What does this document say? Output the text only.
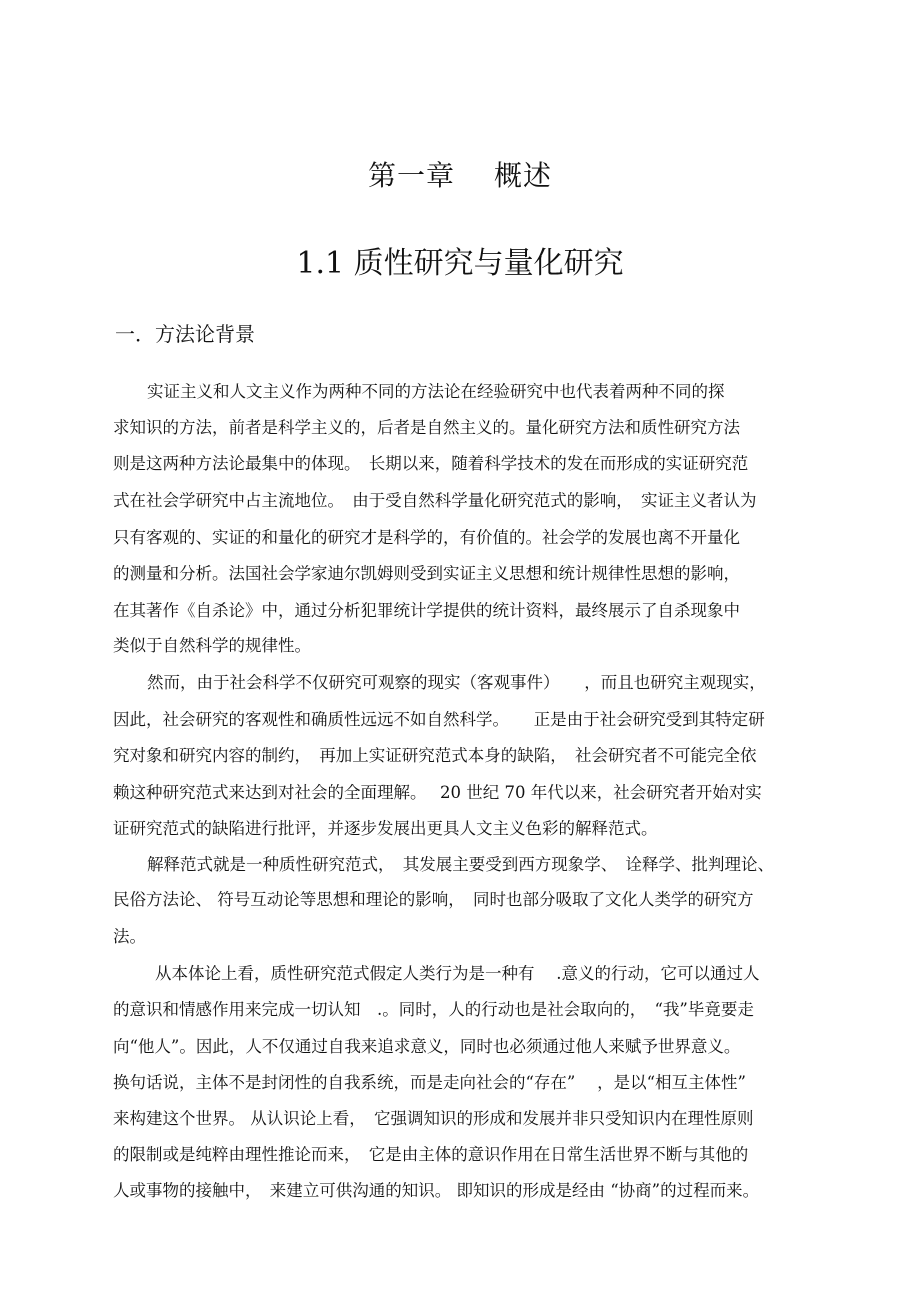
第一章　 概述
1.1 质性研究与量化研究
一．方法论背景
实证主义和人文主义作为两种不同的方法论在经验研究中也代表着两种不同的探
求知识的方法，前者是科学主义的，后者是自然主义的。量化研究方法和质性研究方法
则是这两种方法论最集中的体现。　长期以来，随着科学技术的发在而形成的实证研究范
式在社会学研究中占主流地位。　由于受自然科学量化研究范式的影响，　实证主义者认为
只有客观的、实证的和量化的研究才是科学的，有价值的。社会学的发展也离不开量化
的测量和分析。法国社会学家迪尔凯姆则受到实证主义思想和统计规律性思想的影响，
在其著作《自杀论》中，通过分析犯罪统计学提供的统计资料，最终展示了自杀现象中
类似于自然科学的规律性。
然而，由于社会科学不仅研究可观察的现实（客观事件）　　，而且也研究主观现实，
因此，社会研究的客观性和确质性远远不如自然科学。　　正是由于社会研究受到其特定研
究对象和研究内容的制约，　再加上实证研究范式本身的缺陷，　社会研究者不可能完全依
赖这种研究范式来达到对社会的全面理解。　 20 世纪 70 年代以来，社会研究者开始对实
证研究范式的缺陷进行批评，并逐步发展出更具人文主义色彩的解释范式。
解释范式就是一种质性研究范式，　其发展主要受到西方现象学、　诠释学、批判理论、
民俗方法论、 符号互动论等思想和理论的影响，　同时也部分吸取了文化人类学的研究方
法。
从本体论上看，质性研究范式假定人类行为是一种有　 .意义的行动，它可以通过人
的意识和情感作用来完成一切认知　.。同时，人的行动也是社会取向的，　“我”毕竟要走
向“他人”。因此，人不仅通过自我来追求意义，同时也必须通过他人来赋予世界意义。
换句话说，主体不是封闭性的自我系统，而是走向社会的“存在”　 ，是以“相互主体性”
来构建这个世界。 从认识论上看，　它强调知识的形成和发展并非只受知识内在理性原则
的限制或是纯粹由理性推论而来，　它是由主体的意识作用在日常生活世界不断与其他的
人或事物的接触中，　来建立可供沟通的知识。 即知识的形成是经由 “协商”的过程而来。
